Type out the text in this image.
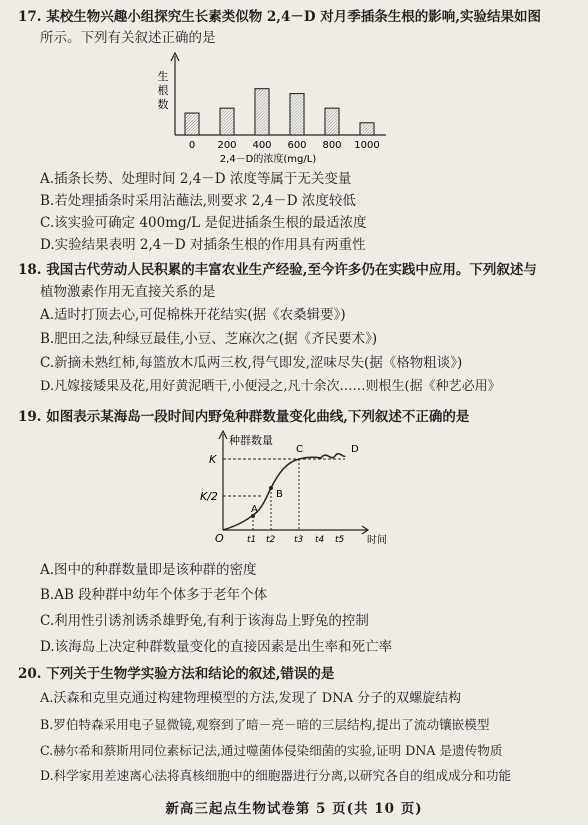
17. 某校生物兴趣小组探究生长素类似物 2,4－D 对月季插条生根的影响,实验结果如图
所示。下列有关叙述正确的是
生
根
数
0 200 400 600 800 1000
2,4－D的浓度(mg/L)
A.插条长势、处理时间 2,4－D 浓度等属于无关变量
B.若处理插条时采用沾蘸法,则要求 2,4－D 浓度较低
C.该实验可确定 400mg/L 是促进插条生根的最适浓度
D.实验结果表明 2,4－D 对插条生根的作用具有两重性
18. 我国古代劳动人民积累的丰富农业生产经验,至今许多仍在实践中应用。下列叙述与
植物激素作用无直接关系的是
A.适时打顶去心,可促棉株开花结实(据《农桑辑要》)
B.肥田之法,种绿豆最佳,小豆、芝麻次之(据《齐民要术》)
C.新摘未熟红柿,每篮放木瓜两三枚,得气即发,涩味尽失(据《格物粗谈》)
D.凡嫁接矮果及花,用好黄泥晒干,小便浸之,凡十余次……则根生(据《种艺必用》
19. 如图表示某海岛一段时间内野兔种群数量变化曲线,下列叙述不正确的是
种群数量
时间
K
K/2
A
B
C	D
O	t1 t2 t3 t4 t5
A.图中的种群数量即是该种群的密度
B.AB 段种群中幼年个体多于老年个体
C.利用性引诱剂诱杀雄野兔,有利于该海岛上野兔的控制
D.该海岛上决定种群数量变化的直接因素是出生率和死亡率
20. 下列关于生物学实验方法和结论的叙述,错误的是
A.沃森和克里克通过构建物理模型的方法,发现了 DNA 分子的双螺旋结构
B.罗伯特森采用电子显微镜,观察到了暗－亮－暗的三层结构,提出了流动镶嵌模型
C.赫尔希和蔡斯用同位素标记法,通过噬菌体侵染细菌的实验,证明 DNA 是遗传物质
D.科学家用差速离心法将真核细胞中的细胞器进行分离,以研究各自的组成成分和功能
新高三起点生物试卷第 5 页(共 10 页)
